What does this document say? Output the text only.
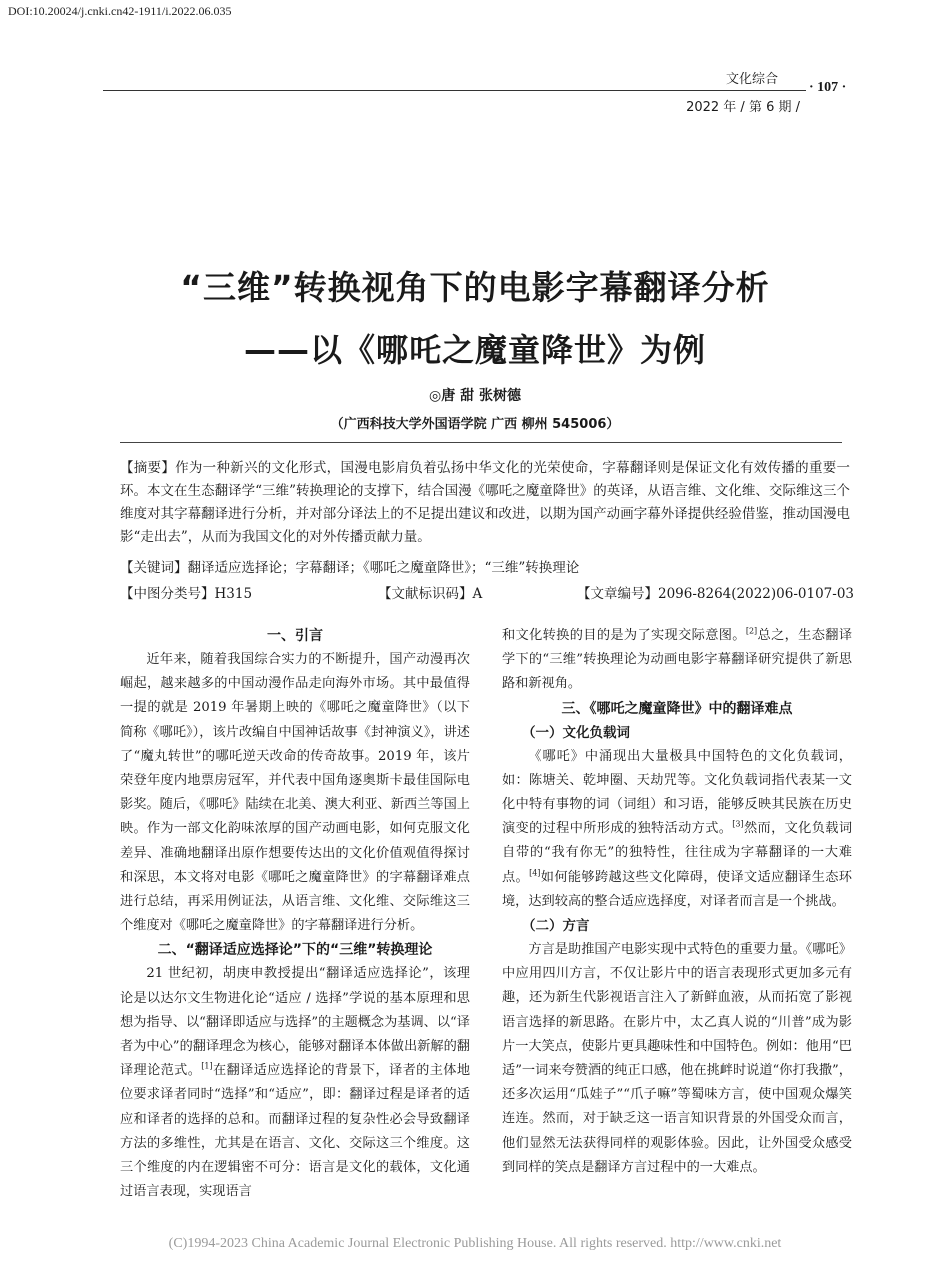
DOI:10.20024/j.cnki.cn42-1911/i.2022.06.035
文化综合
· 107 ·
2022 年 / 第 6 期 /
“三维”转换视角下的电影字幕翻译分析
——以《哪吒之魔童降世》为例
◎唐 甜 张树德
（广西科技大学外国语学院 广西 柳州 545006）

【摘要】作为一种新兴的文化形式，国漫电影肩负着弘扬中华文化的光荣使命，字幕翻译则是保证文化有效传播的重要一环。本文在生态翻译学“三维”转换理论的支撑下，结合国漫《哪吒之魔童降世》的英译，从语言维、文化维、交际维这三个维度对其字幕翻译进行分析，并对部分译法上的不足提出建议和改进，以期为国产动画字幕外译提供经验借鉴，推动国漫电影“走出去”，从而为我国文化的对外传播贡献力量。

【关键词】翻译适应选择论；字幕翻译；《哪吒之魔童降世》；“三维”转换理论
【中图分类号】H315	【文献标识码】A	【文章编号】2096-8264(2022)06-0107-03
一、引言

近年来，随着我国综合实力的不断提升，国产动漫再次崛起，越来越多的中国动漫作品走向海外市场。其中最值得一提的就是 2019 年暑期上映的《哪吒之魔童降世》（以下简称《哪吒》），该片改编自中国神话故事《封神演义》，讲述了“魔丸转世”的哪吒逆天改命的传奇故事。2019 年，该片荣登年度内地票房冠军，并代表中国角逐奥斯卡最佳国际电影奖。随后，《哪吒》陆续在北美、澳大利亚、新西兰等国上映。作为一部文化韵味浓厚的国产动画电影，如何克服文化差异、准确地翻译出原作想要传达出的文化价值观值得探讨和深思，本文将对电影《哪吒之魔童降世》的字幕翻译难点进行总结，再采用例证法，从语言维、文化维、交际维这三个维度对《哪吒之魔童降世》的字幕翻译进行分析。

二、“翻译适应选择论”下的“三维”转换理论

21 世纪初，胡庚申教授提出“翻译适应选择论”，该理论是以达尔文生物进化论“适应 / 选择”学说的基本原理和思想为指导、以“翻译即适应与选择”的主题概念为基调、以“译者为中心”的翻译理念为核心，能够对翻译本体做出新解的翻译理论范式。[1]在翻译适应选择论的背景下，译者的主体地位要求译者同时“选择”和“适应”，即：翻译过程是译者的适应和译者的选择的总和。而翻译过程的复杂性必会导致翻译方法的多维性，尤其是在语言、文化、交际这三个维度。这三个维度的内在逻辑密不可分：语言是文化的载体，文化通过语言表现，实现语言

和文化转换的目的是为了实现交际意图。[2]总之，生态翻译学下的“三维”转换理论为动画电影字幕翻译研究提供了新思路和新视角。

三、《哪吒之魔童降世》中的翻译难点
（一）文化负载词

《哪吒》中涌现出大量极具中国特色的文化负载词，如：陈塘关、乾坤圈、天劫咒等。文化负载词指代表某一文化中特有事物的词（词组）和习语，能够反映其民族在历史演变的过程中所形成的独特活动方式。[3]然而，文化负载词自带的“我有你无”的独特性，往往成为字幕翻译的一大难点。[4]如何能够跨越这些文化障碍，使译文适应翻译生态环境，达到较高的整合适应选择度，对译者而言是一个挑战。

（二）方言

方言是助推国产电影实现中式特色的重要力量。《哪吒》中应用四川方言，不仅让影片中的语言表现形式更加多元有趣，还为新生代影视语言注入了新鲜血液，从而拓宽了影视语言选择的新思路。在影片中，太乙真人说的“川普”成为影片一大笑点，使影片更具趣味性和中国特色。例如：他用“巴适”一词来夸赞酒的纯正口感，他在挑衅时说道“你打我撒”，还多次运用“瓜娃子”“爪子嘛”等蜀味方言，使中国观众爆笑连连。然而，对于缺乏这一语言知识背景的外国受众而言，他们显然无法获得同样的观影体验。因此，让外国受众感受到同样的笑点是翻译方言过程中的一大难点。

(C)1994-2023 China Academic Journal Electronic Publishing House. All rights reserved. http://www.cnki.net
